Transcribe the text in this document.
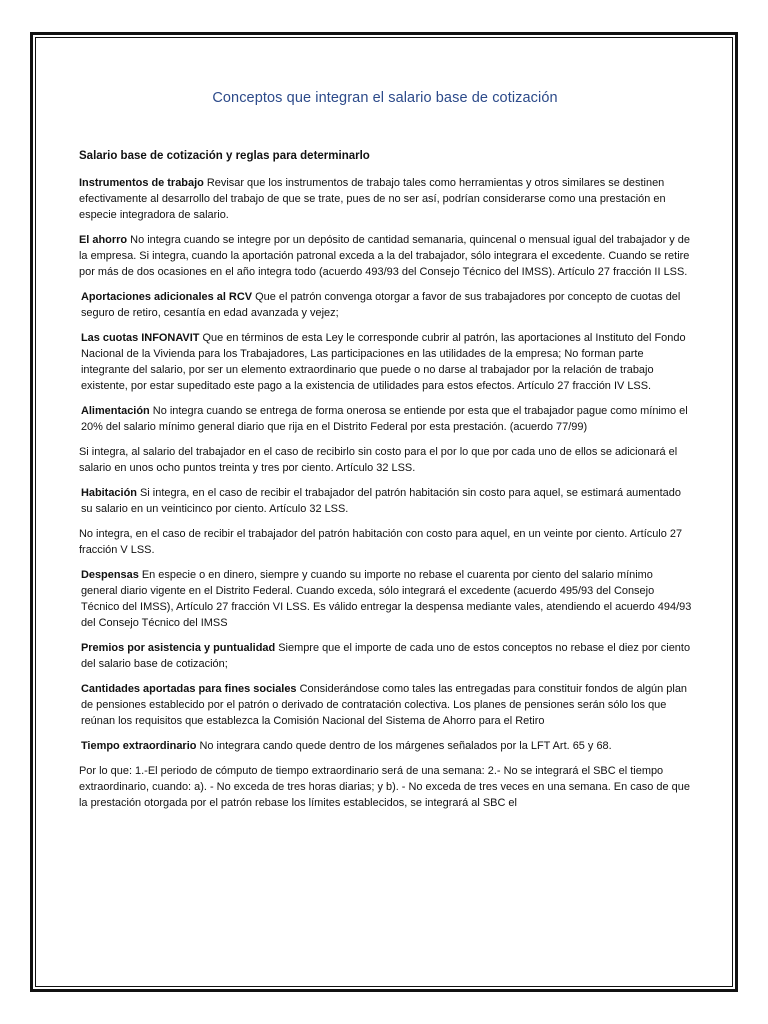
Conceptos que integran el salario base de cotización
Salario base de cotización y reglas para determinarlo

Instrumentos de trabajo Revisar que los instrumentos de trabajo tales como herramientas y otros similares se destinen efectivamente al desarrollo del trabajo de que se trate, pues de no ser así, podrían considerarse como una prestación en especie integradora de salario.

El ahorro No integra cuando se integre por un depósito de cantidad semanaria, quincenal o mensual igual del trabajador y de la empresa. Si integra, cuando la aportación patronal exceda a la del trabajador, sólo integrara el excedente. Cuando se retire por más de dos ocasiones en el año integra todo (acuerdo 493/93 del Consejo Técnico del IMSS). Artículo 27 fracción II LSS.

Aportaciones adicionales al RCV Que el patrón convenga otorgar a favor de sus trabajadores por concepto de cuotas del seguro de retiro, cesantía en edad avanzada y vejez;

Las cuotas INFONAVIT Que en términos de esta Ley le corresponde cubrir al patrón, las aportaciones al Instituto del Fondo Nacional de la Vivienda para los Trabajadores, Las participaciones en las utilidades de la empresa; No forman parte integrante del salario, por ser un elemento extraordinario que puede o no darse al trabajador por la relación de trabajo existente, por estar supeditado este pago a la existencia de utilidades para estos efectos. Artículo 27 fracción IV LSS.

Alimentación No integra cuando se entrega de forma onerosa se entiende por esta que el trabajador pague como mínimo el 20% del salario mínimo general diario que rija en el Distrito Federal por esta prestación. (acuerdo 77/99)

Si integra, al salario del trabajador en el caso de recibirlo sin costo para el por lo que por cada uno de ellos se adicionará el salario en unos ocho puntos treinta y tres por ciento. Artículo 32 LSS.

Habitación Si integra, en el caso de recibir el trabajador del patrón habitación sin costo para aquel, se estimará aumentado su salario en un veinticinco por ciento. Artículo 32 LSS.

No integra, en el caso de recibir el trabajador del patrón habitación con costo para aquel, en un veinte por ciento. Artículo 27 fracción V LSS.

Despensas En especie o en dinero, siempre y cuando su importe no rebase el cuarenta por ciento del salario mínimo general diario vigente en el Distrito Federal. Cuando exceda, sólo integrará el excedente (acuerdo 495/93 del Consejo Técnico del IMSS), Artículo 27 fracción VI LSS. Es válido entregar la despensa mediante vales, atendiendo el acuerdo 494/93 del Consejo Técnico del IMSS

Premios por asistencia y puntualidad Siempre que el importe de cada uno de estos conceptos no rebase el diez por ciento del salario base de cotización;

Cantidades aportadas para fines sociales Considerándose como tales las entregadas para constituir fondos de algún plan de pensiones establecido por el patrón o derivado de contratación colectiva. Los planes de pensiones serán sólo los que reúnan los requisitos que establezca la Comisión Nacional del Sistema de Ahorro para el Retiro

Tiempo extraordinario No integrara cando quede dentro de los márgenes señalados por la LFT Art. 65 y 68.

Por lo que: 1.-El periodo de cómputo de tiempo extraordinario será de una semana: 2.- No se integrará el SBC el tiempo extraordinario, cuando: a). - No exceda de tres horas diarias; y b). - No exceda de tres veces en una semana. En caso de que la prestación otorgada por el patrón rebase los límites establecidos, se integrará al SBC el
